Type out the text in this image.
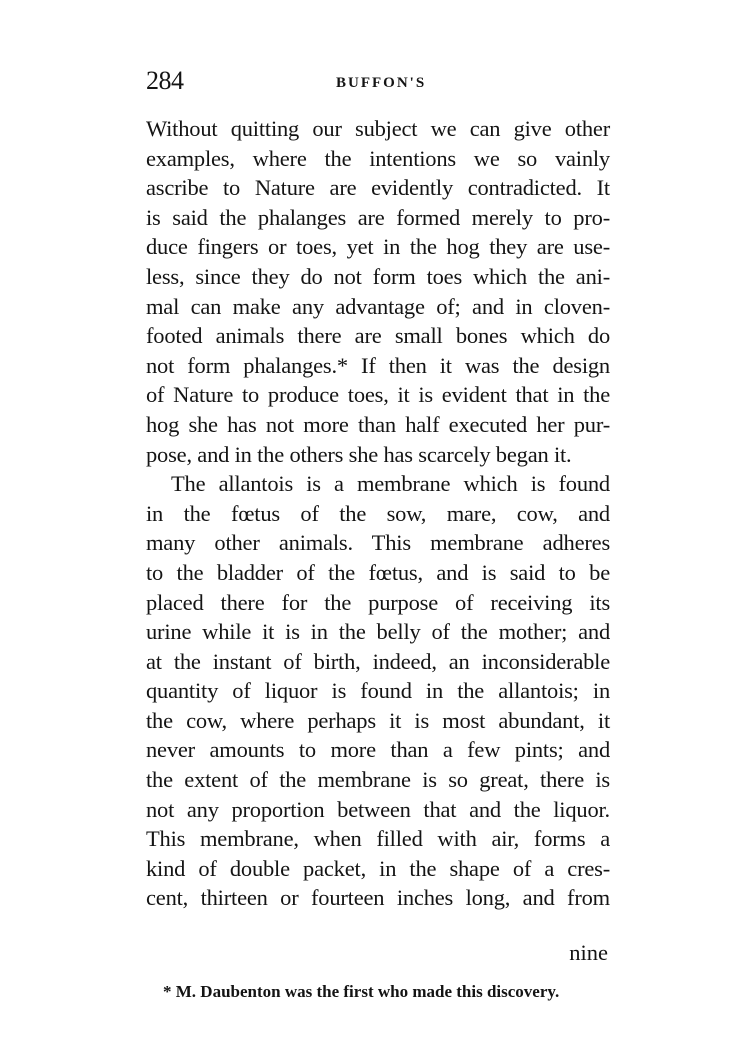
284	BUFFON'S
Without quitting our subject we can give other
examples, where the intentions we so vainly
ascribe to Nature are evidently contradicted. It
is said the phalanges are formed merely to pro-
duce fingers or toes, yet in the hog they are use-
less, since they do not form toes which the ani-
mal can make any advantage of; and in cloven-
footed animals there are small bones which do
not form phalanges.* If then it was the design
of Nature to produce toes, it is evident that in the
hog she has not more than half executed her pur-
pose, and in the others she has scarcely began it.
The allantois is a membrane which is found
in the fœtus of the sow, mare, cow, and
many other animals. This membrane adheres
to the bladder of the fœtus, and is said to be
placed there for the purpose of receiving its
urine while it is in the belly of the mother; and
at the instant of birth, indeed, an inconsiderable
quantity of liquor is found in the allantois; in
the cow, where perhaps it is most abundant, it
never amounts to more than a few pints; and
the extent of the membrane is so great, there is
not any proportion between that and the liquor.
This membrane, when filled with air, forms a
kind of double packet, in the shape of a cres-
cent, thirteen or fourteen inches long, and from
nine
* M. Daubenton was the first who made this discovery.
